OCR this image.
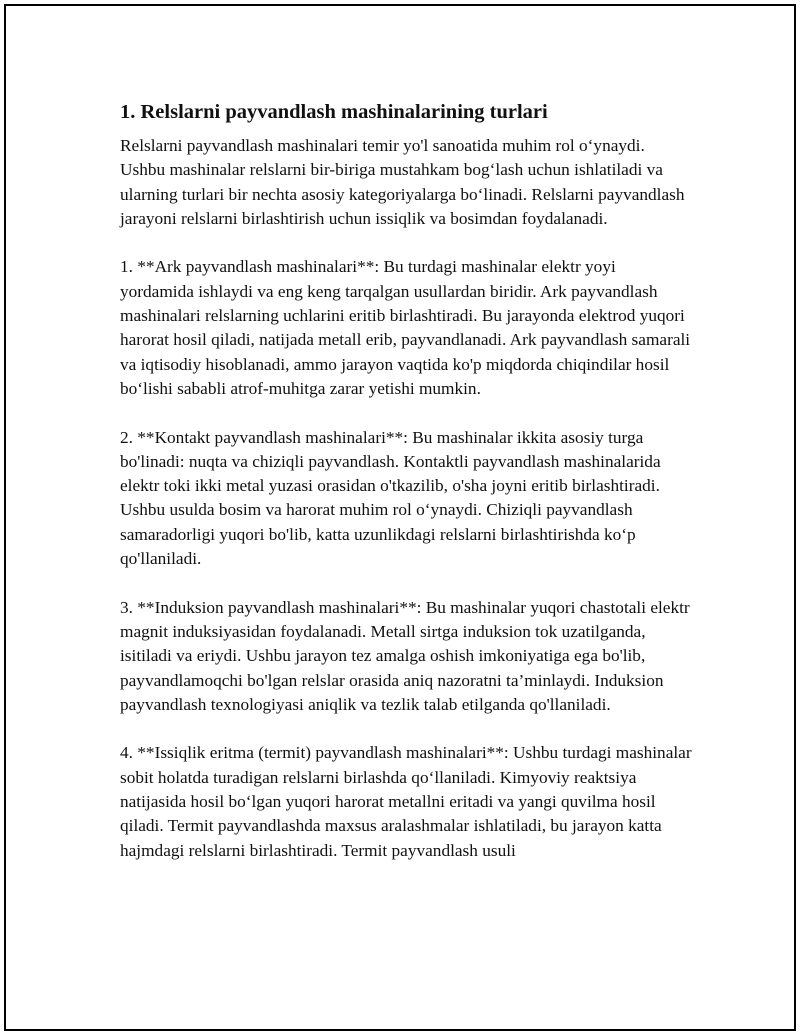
1. Relslarni payvandlash mashinalarining turlari

Relslarni payvandlash mashinalari temir yo'l sanoatida muhim rol o‘ynaydi. Ushbu mashinalar relslarni bir-biriga mustahkam bog‘lash uchun ishlatiladi va ularning turlari bir nechta asosiy kategoriyalarga bo‘linadi. Relslarni payvandlash jarayoni relslarni birlashtirish uchun issiqlik va bosimdan foydalanadi.

1. **Ark payvandlash mashinalari**: Bu turdagi mashinalar elektr yoyi yordamida ishlaydi va eng keng tarqalgan usullardan biridir. Ark payvandlash mashinalari relslarning uchlarini eritib birlashtiradi. Bu jarayonda elektrod yuqori harorat hosil qiladi, natijada metall erib, payvandlanadi. Ark payvandlash samarali va iqtisodiy hisoblanadi, ammo jarayon vaqtida ko'p miqdorda chiqindilar hosil bo‘lishi sababli atrof-muhitga zarar yetishi mumkin.

2. **Kontakt payvandlash mashinalari**: Bu mashinalar ikkita asosiy turga bo'linadi: nuqta va chiziqli payvandlash. Kontaktli payvandlash mashinalarida elektr toki ikki metal yuzasi orasidan o'tkazilib, o'sha joyni eritib birlashtiradi. Ushbu usulda bosim va harorat muhim rol o‘ynaydi. Chiziqli payvandlash samaradorligi yuqori bo'lib, katta uzunlikdagi relslarni birlashtirishda ko‘p qo'llaniladi.

3. **Induksion payvandlash mashinalari**: Bu mashinalar yuqori chastotali elektr magnit induksiyasidan foydalanadi. Metall sirtga induksion tok uzatilganda, isitiladi va eriydi. Ushbu jarayon tez amalga oshish imkoniyatiga ega bo'lib, payvandlamoqchi bo'lgan relslar orasida aniq nazoratni ta’minlaydi. Induksion payvandlash texnologiyasi aniqlik va tezlik talab etilganda qo'llaniladi.

4. **Issiqlik eritma (termit) payvandlash mashinalari**: Ushbu turdagi mashinalar sobit holatda turadigan relslarni birlashda qo‘llaniladi. Kimyoviy reaktsiya natijasida hosil bo‘lgan yuqori harorat metallni eritadi va yangi quvilma hosil qiladi. Termit payvandlashda maxsus aralashmalar ishlatiladi, bu jarayon katta hajmdagi relslarni birlashtiradi. Termit payvandlash usuli
